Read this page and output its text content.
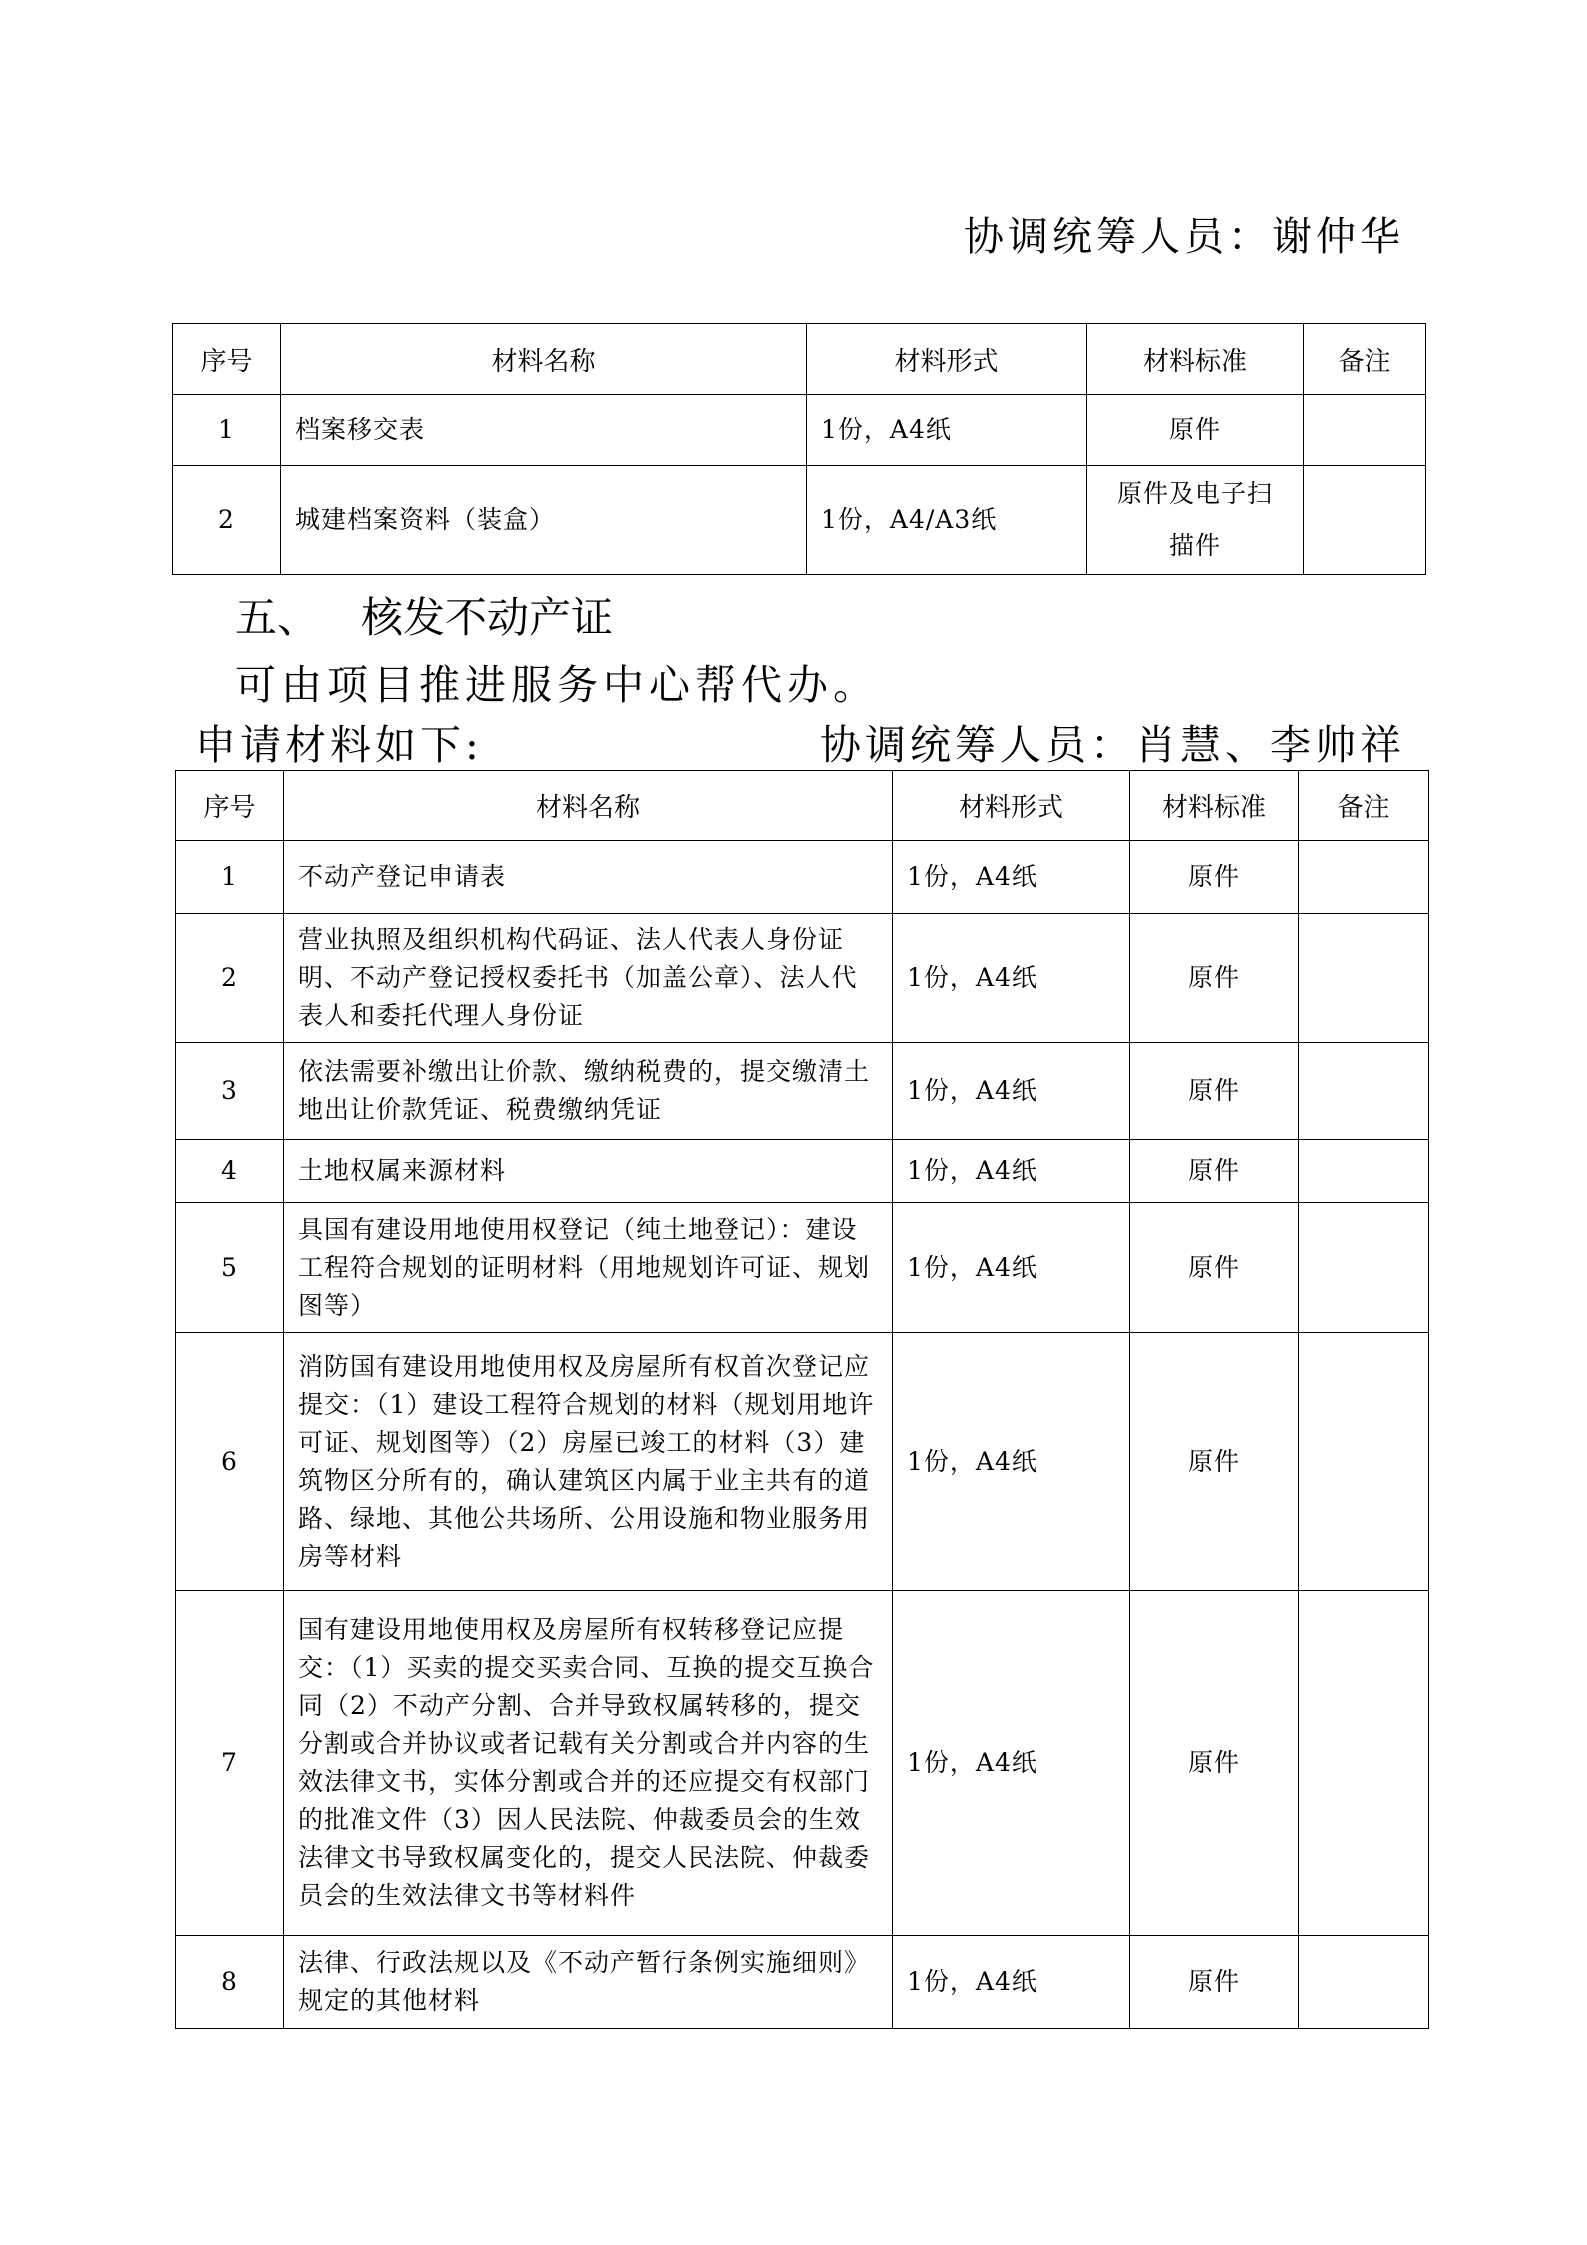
协调统筹人员：谢仲华
序号	材料名称	材料形式	材料标准	备注
1	档案移交表	1份，A4纸	原件	
2	城建档案资料（装盒）	1份，A4/A3纸	原件及电子扫描件	
五、 核发不动产证
可由项目推进服务中心帮代办。
申请材料如下:	协调统筹人员：肖慧、李帅祥
序号	材料名称	材料形式	材料标准	备注
1	不动产登记申请表	1份，A4纸	原件	
2	营业执照及组织机构代码证、法人代表人身份证明、不动产登记授权委托书（加盖公章）、法人代表人和委托代理人身份证	1份，A4纸	原件	
3	依法需要补缴出让价款、缴纳税费的，提交缴清土地出让价款凭证、税费缴纳凭证	1份，A4纸	原件	
4	土地权属来源材料	1份，A4纸	原件	
5	具国有建设用地使用权登记（纯土地登记）：建设工程符合规划的证明材料（用地规划许可证、规划图等）	1份，A4纸	原件	
6	消防国有建设用地使用权及房屋所有权首次登记应提交：（1）建设工程符合规划的材料（规划用地许可证、规划图等）（2）房屋已竣工的材料（3）建筑物区分所有的，确认建筑区内属于业主共有的道路、绿地、其他公共场所、公用设施和物业服务用房等材料	1份，A4纸	原件	
7	国有建设用地使用权及房屋所有权转移登记应提交：（1）买卖的提交买卖合同、互换的提交互换合同（2）不动产分割、合并导致权属转移的，提交分割或合并协议或者记载有关分割或合并内容的生效法律文书，实体分割或合并的还应提交有权部门的批准文件（3）因人民法院、仲裁委员会的生效法律文书导致权属变化的，提交人民法院、仲裁委员会的生效法律文书等材料件	1份，A4纸	原件	
8	法律、行政法规以及《不动产暂行条例实施细则》规定的其他材料	1份，A4纸	原件	
